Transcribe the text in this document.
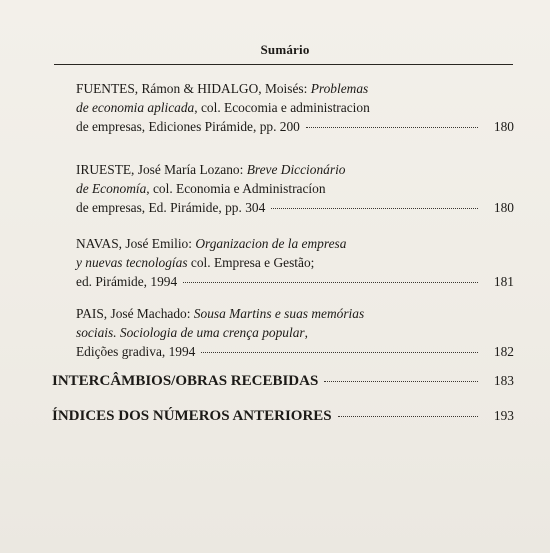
Sumário
FUENTES, Rámon & HIDALGO, Moisés: Problemas
de economia aplicada, col. Ecocomia e administracion
de empresas, Ediciones Pirámide, pp. 200	180
IRUESTE, José María Lozano: Breve Diccionário
de Economía, col. Economia e Administracíon
de empresas, Ed. Pirámide, pp. 304	180
NAVAS, José Emilio: Organizacion de la empresa
y nuevas tecnologías col. Empresa e Gestão;
ed. Pirámide, 1994	181
PAIS, José Machado: Sousa Martins e suas memórias
sociais. Sociologia de uma crença popular,
Edições gradiva, 1994	182
INTERCÂMBIOS/OBRAS RECEBIDAS	183
ÍNDICES DOS NÚMEROS ANTERIORES	193
